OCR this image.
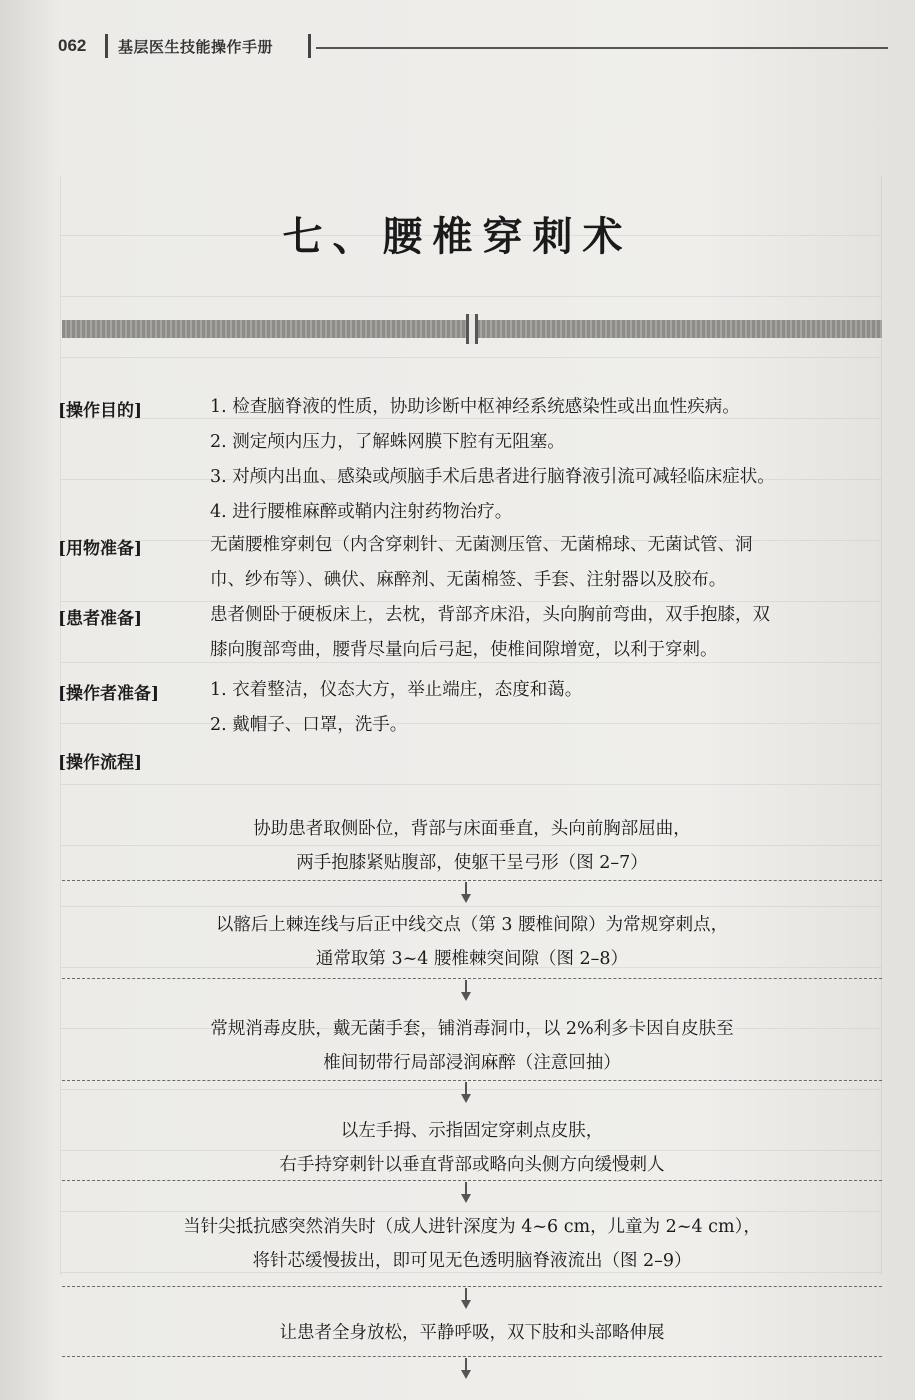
062 基层医生技能操作手册
七、腰椎穿刺术
[操作目的]	1. 检查脑脊液的性质，协助诊断中枢神经系统感染性或出血性疾病。

2. 测定颅内压力，了解蛛网膜下腔有无阻塞。

3. 对颅内出血、感染或颅脑手术后患者进行脑脊液引流可减轻临床症状。

4. 进行腰椎麻醉或鞘内注射药物治疗。

[用物准备]	无菌腰椎穿刺包（内含穿刺针、无菌测压管、无菌棉球、无菌试管、洞

巾、纱布等）、碘伏、麻醉剂、无菌棉签、手套、注射器以及胶布。

[患者准备]	患者侧卧于硬板床上，去枕，背部齐床沿，头向胸前弯曲，双手抱膝，双

膝向腹部弯曲，腰背尽量向后弓起，使椎间隙增宽，以利于穿刺。

[操作者准备]	1. 衣着整洁，仪态大方，举止端庄，态度和蔼。

2. 戴帽子、口罩，洗手。

[操作流程]

协助患者取侧卧位，背部与床面垂直，头向前胸部屈曲，

两手抱膝紧贴腹部，使躯干呈弓形（图 2–7）

以髂后上棘连线与后正中线交点（第 3 腰椎间隙）为常规穿刺点，

通常取第 3~4 腰椎棘突间隙（图 2–8）

常规消毒皮肤，戴无菌手套，铺消毒洞巾，以 2%利多卡因自皮肤至

椎间韧带行局部浸润麻醉（注意回抽）

以左手拇、示指固定穿刺点皮肤，

右手持穿刺针以垂直背部或略向头侧方向缓慢刺人

当针尖抵抗感突然消失时（成人进针深度为 4~6 cm，儿童为 2~4 cm），

将针芯缓慢拔出，即可见无色透明脑脊液流出（图 2–9）

让患者全身放松，平静呼吸，双下肢和头部略伸展
